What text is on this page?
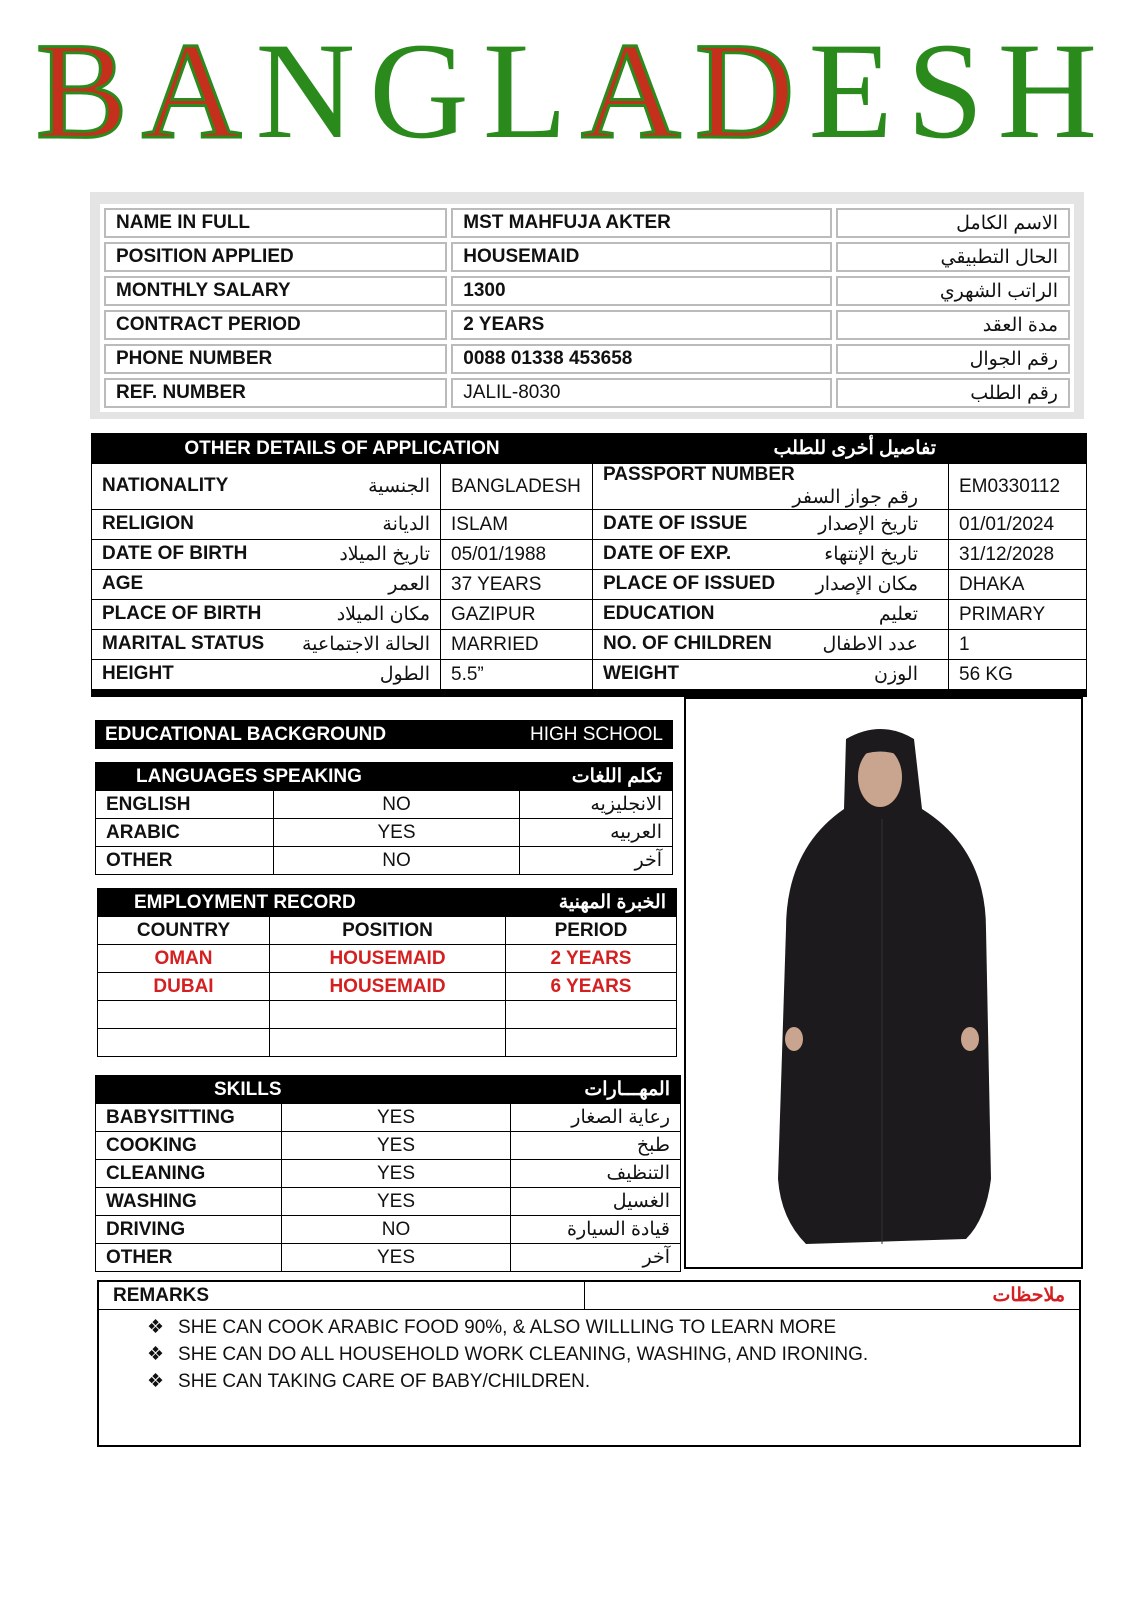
BANGLADESH
NAME IN FULL	MST MAHFUJA AKTER	الاسم الكامل
POSITION APPLIED	HOUSEMAID	الحال التطبيقي
MONTHLY SALARY	1300	الراتب الشهري
CONTRACT PERIOD	2 YEARS	مدة العقد
PHONE NUMBER	0088 01338 453658	رقم الجوال
REF. NUMBER	JALIL-8030	رقم الطلب
OTHER DETAILS OF APPLICATION		تفاصيل أخرى للطلب	
NATIONALITY الجنسية	BANGLADESH	PASSPORT NUMBER
رقم جواز السفر	EM0330112
RELIGION الديانة	ISLAM	DATE OF ISSUE تاريخ الإصدار	01/01/2024
DATE OF BIRTH تاريخ الميلاد	05/01/1988	DATE OF EXP. تاريخ الإنتهاء	31/12/2028
AGE العمر	37 YEARS	PLACE OF ISSUED مكان الإصدار	DHAKA
PLACE OF BIRTH مكان الميلاد	GAZIPUR	EDUCATION تعليم	PRIMARY
MARITAL STATUS الحالة الاجتماعية	MARRIED	NO. OF CHILDREN عدد الاطفال	1
HEIGHT الطول	5.5”	WEIGHT الوزن	56 KG
EDUCATIONAL BACKGROUND	HIGH SCHOOL
LANGUAGES SPEAKING		تكلم اللغات
ENGLISH	NO	الانجليزيه
ARABIC	YES	العربيه
OTHER	NO	آخر
EMPLOYMENT RECORD		الخبرة المهنية
COUNTRY	POSITION	PERIOD
OMAN	HOUSEMAID	2 YEARS
DUBAI	HOUSEMAID	6 YEARS

SKILLS		المهـــارات
BABYSITTING	YES	رعاية الصغار
COOKING	YES	طبخ
CLEANING	YES	التنظيف
WASHING	YES	الغسيل
DRIVING	NO	قيادة السيارة
OTHER	YES	آخر
REMARKS	ملاحظات
❖ SHE CAN COOK ARABIC FOOD 90%, & ALSO WILLLING TO LEARN MORE
❖ SHE CAN DO ALL HOUSEHOLD WORK CLEANING, WASHING, AND IRONING.
❖ SHE CAN TAKING CARE OF BABY/CHILDREN.
